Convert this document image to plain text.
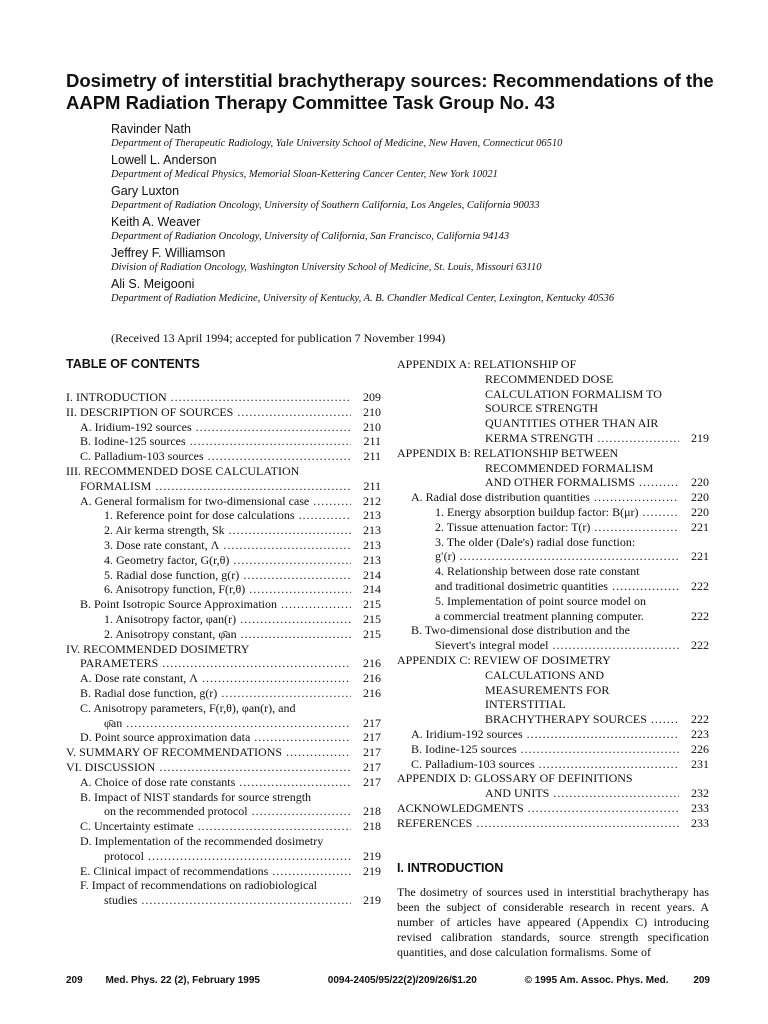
Dosimetry of interstitial brachytherapy sources: Recommendations of the AAPM Radiation Therapy Committee Task Group No. 43
Ravinder Nath
Department of Therapeutic Radiology, Yale University School of Medicine, New Haven, Connecticut 06510
Lowell L. Anderson
Department of Medical Physics, Memorial Sloan-Kettering Cancer Center, New York 10021
Gary Luxton
Department of Radiation Oncology, University of Southern California, Los Angeles, California 90033
Keith A. Weaver
Department of Radiation Oncology, University of California, San Francisco, California 94143
Jeffrey F. Williamson
Division of Radiation Oncology, Washington University School of Medicine, St. Louis, Missouri 63110
Ali S. Meigooni
Department of Radiation Medicine, University of Kentucky, A. B. Chandler Medical Center, Lexington, Kentucky 40536
(Received 13 April 1994; accepted for publication 7 November 1994)
TABLE OF CONTENTS
I. INTRODUCTION .....	209
II. DESCRIPTION OF SOURCES .....	210
A. Iridium-192 sources .....	210
B. Iodine-125 sources .....	211
C. Palladium-103 sources .....	211
III. RECOMMENDED DOSE CALCULATION
FORMALISM .....	211
A. General formalism for two-dimensional case .....	212
1. Reference point for dose calculations .....	213
2. Air kerma strength, Sk .....	213
3. Dose rate constant, Λ .....	213
4. Geometry factor, G(r,θ) .....	213
5. Radial dose function, g(r) .....	214
6. Anisotropy function, F(r,θ) .....	214
B. Point Isotropic Source Approximation .....	215
1. Anisotropy factor, φan(r) .....	215
2. Anisotropy constant, φ̄an .....	215
IV. RECOMMENDED DOSIMETRY
PARAMETERS .....	216
A. Dose rate constant, Λ .....	216
B. Radial dose function, g(r) .....	216
C. Anisotropy parameters, F(r,θ), φan(r), and
φ̄an .....	217
D. Point source approximation data .....	217
V. SUMMARY OF RECOMMENDATIONS .....	217
VI. DISCUSSION .....	217
A. Choice of dose rate constants .....	217
B. Impact of NIST standards for source strength
on the recommended protocol .....	218
C. Uncertainty estimate .....	218
D. Implementation of the recommended dosimetry
protocol .....	219
E. Clinical impact of recommendations .....	219
F. Impact of recommendations on radiobiological
studies .....	219
APPENDIX A: RELATIONSHIP OF
RECOMMENDED DOSE
CALCULATION FORMALISM TO
SOURCE STRENGTH
QUANTITIES OTHER THAN AIR
KERMA STRENGTH .....	219
APPENDIX B: RELATIONSHIP BETWEEN
RECOMMENDED FORMALISM
AND OTHER FORMALISMS .....	220
A. Radial dose distribution quantities .....	220
1. Energy absorption buildup factor: B(μr) .....	220
2. Tissue attenuation factor: T(r) .....	221
3. The older (Dale's) radial dose function:
g′(r) .....	221
4. Relationship between dose rate constant
and traditional dosimetric quantities .....	222
5. Implementation of point source model on
a commercial treatment planning computer.	222
B. Two-dimensional dose distribution and the
Sievert's integral model .....	222
APPENDIX C: REVIEW OF DOSIMETRY
CALCULATIONS AND
MEASUREMENTS FOR
INTERSTITIAL
BRACHYTHERAPY SOURCES .....	222
A. Iridium-192 sources .....	223
B. Iodine-125 sources .....	226
C. Palladium-103 sources .....	231
APPENDIX D: GLOSSARY OF DEFINITIONS
AND UNITS .....	232
ACKNOWLEDGMENTS .....	233
REFERENCES .....	233
I. INTRODUCTION

The dosimetry of sources used in interstitial brachytherapy has been the subject of considerable research in recent years. A number of articles have appeared (Appendix C) introducing revised calibration standards, source strength specification quantities, and dose calculation formalisms. Some of

209 Med. Phys. 22 (2), February 1995	0094-2405/95/22(2)/209/26/$1.20	© 1995 Am. Assoc. Phys. Med. 209
